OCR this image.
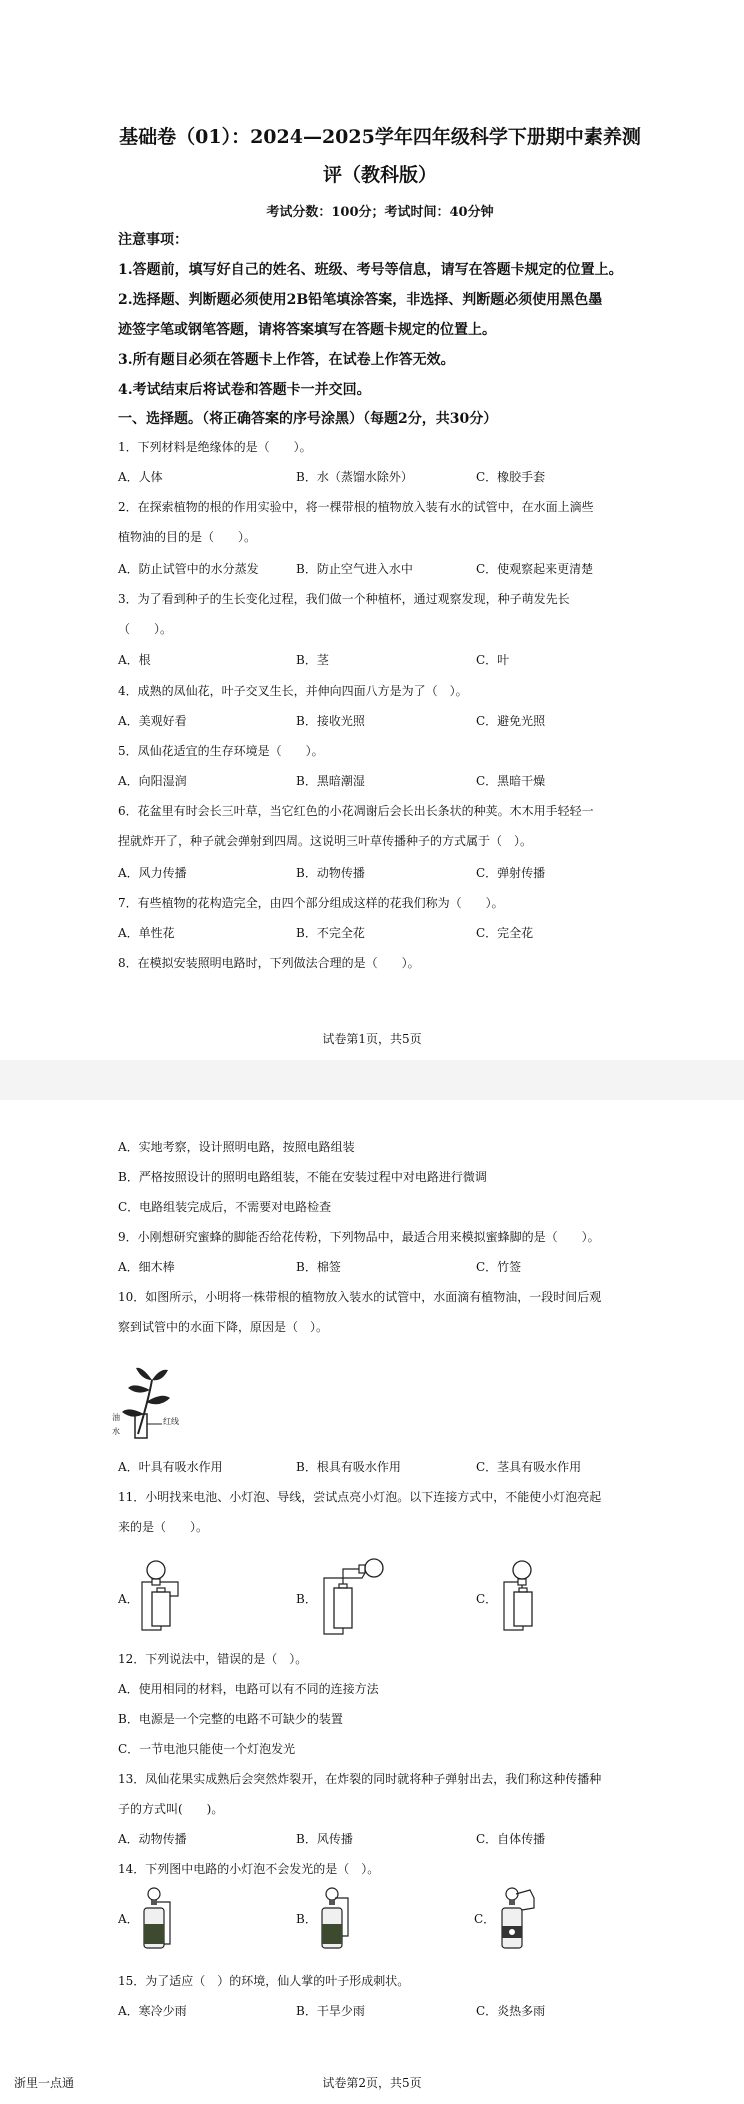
基础卷（01）：2024—2025学年四年级科学下册期中素养测
评（教科版）
考试分数：100分；考试时间：40分钟
注意事项：
1.答题前，填写好自己的姓名、班级、考号等信息，请写在答题卡规定的位置上。
2.选择题、判断题必须使用2B铅笔填涂答案，非选择、判断题必须使用黑色墨
迹签字笔或钢笔答题，请将答案填写在答题卡规定的位置上。
3.所有题目必须在答题卡上作答，在试卷上作答无效。
4.考试结束后将试卷和答题卡一并交回。
一、选择题。（将正确答案的序号涂黑）（每题2分，共30分）
1．下列材料是绝缘体的是（　　）。
A．人体	B．水（蒸馏水除外）	C．橡胶手套
2．在探索植物的根的作用实验中，将一棵带根的植物放入装有水的试管中，在水面上滴些
植物油的目的是（　　）。
A．防止试管中的水分蒸发	B．防止空气进入水中	C．使观察起来更清楚
3．为了看到种子的生长变化过程，我们做一个种植杯，通过观察发现，种子萌发先长
（　　）。
A．根	B．茎	C．叶
4．成熟的凤仙花，叶子交叉生长，并伸向四面八方是为了（　）。
A．美观好看	B．接收光照	C．避免光照
5．凤仙花适宜的生存环境是（　　）。
A．向阳湿润	B．黑暗潮湿	C．黑暗干燥
6．花盆里有时会长三叶草，当它红色的小花凋谢后会长出长条状的种荚。木木用手轻轻一
捏就炸开了，种子就会弹射到四周。这说明三叶草传播种子的方式属于（　）。
A．风力传播	B．动物传播	C．弹射传播
7．有些植物的花构造完全，由四个部分组成这样的花我们称为（　　）。
A．单性花	B．不完全花	C．完全花
8．在模拟安装照明电路时，下列做法合理的是（　　）。
试卷第1页，共5页
A．实地考察，设计照明电路，按照电路组装
B．严格按照设计的照明电路组装，不能在安装过程中对电路进行微调
C．电路组装完成后，不需要对电路检查
9．小刚想研究蜜蜂的脚能否给花传粉，下列物品中，最适合用来模拟蜜蜂脚的是（　　）。
A．细木棒	B．棉签	C．竹签
10．如图所示，小明将一株带根的植物放入装水的试管中，水面滴有植物油，一段时间后观
察到试管中的水面下降，原因是（　）。
油
水
红线
A．叶具有吸水作用	B．根具有吸水作用	C．茎具有吸水作用
11．小明找来电池、小灯泡、导线，尝试点亮小灯泡。以下连接方式中，不能使小灯泡亮起
来的是（　　）。
A．	B．	C．
12．下列说法中，错误的是（　）。
A．使用相同的材料，电路可以有不同的连接方法
B．电源是一个完整的电路不可缺少的装置
C．一节电池只能使一个灯泡发光
13．凤仙花果实成熟后会突然炸裂开，在炸裂的同时就将种子弹射出去，我们称这种传播种
子的方式叫(　　)。
A．动物传播	B．风传播	C．自体传播
14．下列图中电路的小灯泡不会发光的是（　）。
A．	B．	C．
15．为了适应（　）的环境，仙人掌的叶子形成刺状。
A．寒冷少雨	B．干旱少雨	C．炎热多雨
浙里一点通	试卷第2页，共5页
